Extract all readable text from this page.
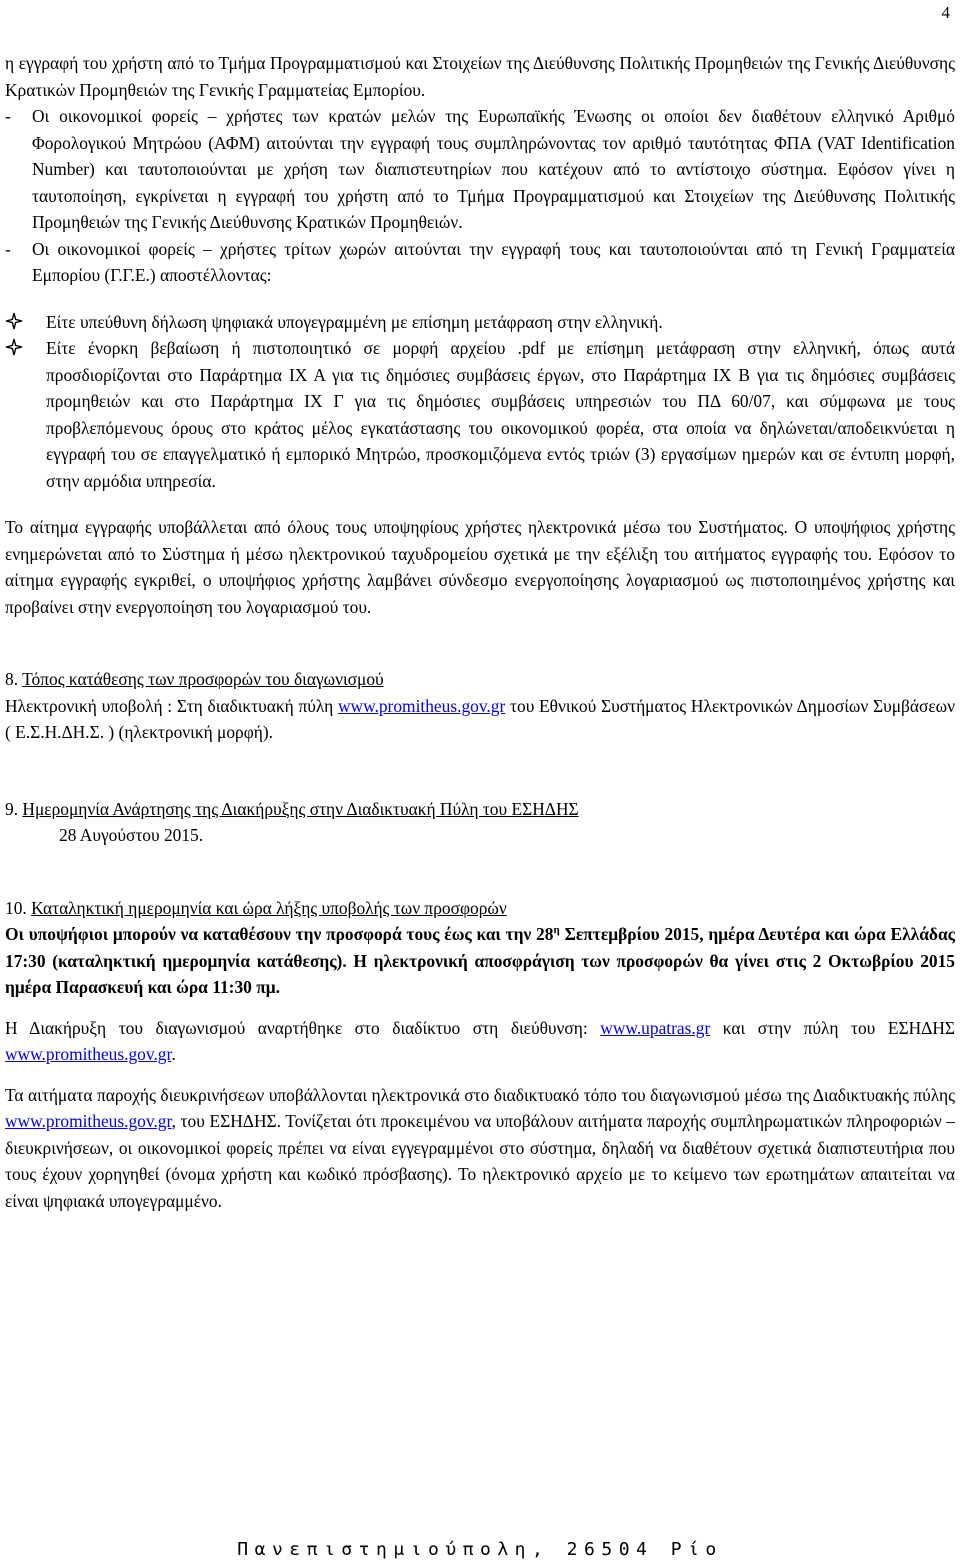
4

η εγγραφή του χρήστη από το Τμήμα Προγραμματισμού και Στοιχείων της Διεύθυνσης Πολιτικής Προμηθειών της Γενικής Διεύθυνσης Κρατικών Προμηθειών της Γενικής Γραμματείας Εμπορίου.

-	Οι οικονομικοί φορείς – χρήστες των κρατών μελών της Ευρωπαϊκής Ένωσης οι οποίοι δεν διαθέτουν ελληνικό Αριθμό Φορολογικού Μητρώου (ΑΦΜ) αιτούνται την εγγραφή τους συμπληρώνοντας τον αριθμό ταυτότητας ΦΠΑ (VAT Identification Number) και ταυτοποιούνται με χρήση των διαπιστευτηρίων που κατέχουν από το αντίστοιχο σύστημα. Εφόσον γίνει η ταυτοποίηση, εγκρίνεται η εγγραφή του χρήστη από το Τμήμα Προγραμματισμού και Στοιχείων της Διεύθυνσης Πολιτικής Προμηθειών της Γενικής Διεύθυνσης Κρατικών Προμηθειών.

-	Οι οικονομικοί φορείς – χρήστες τρίτων χωρών αιτούνται την εγγραφή τους και ταυτοποιούνται από τη Γενική Γραμματεία Εμπορίου (Γ.Γ.Ε.) αποστέλλοντας:

Είτε υπεύθυνη δήλωση ψηφιακά υπογεγραμμένη με επίσημη μετάφραση στην ελληνική.

Είτε ένορκη βεβαίωση ή πιστοποιητικό σε μορφή αρχείου .pdf με επίσημη μετάφραση στην ελληνική, όπως αυτά προσδιορίζονται στο Παράρτημα ΙΧ Α για τις δημόσιες συμβάσεις έργων, στο Παράρτημα ΙΧ Β για τις δημόσιες συμβάσεις προμηθειών και στο Παράρτημα ΙΧ Γ για τις δημόσιες συμβάσεις υπηρεσιών του ΠΔ 60/07, και σύμφωνα με τους προβλεπόμενους όρους στο κράτος μέλος εγκατάστασης του οικονομικού φορέα, στα οποία να δηλώνεται/αποδεικνύεται η εγγραφή του σε επαγγελματικό ή εμπορικό Μητρώο, προσκομιζόμενα εντός τριών (3) εργασίμων ημερών και σε έντυπη μορφή, στην αρμόδια υπηρεσία.

Το αίτημα εγγραφής υποβάλλεται από όλους τους υποψηφίους χρήστες ηλεκτρονικά μέσω του Συστήματος. Ο υποψήφιος χρήστης ενημερώνεται από το Σύστημα ή μέσω ηλεκτρονικού ταχυδρομείου σχετικά με την εξέλιξη του αιτήματος εγγραφής του. Εφόσον το αίτημα εγγραφής εγκριθεί, ο υποψήφιος χρήστης λαμβάνει σύνδεσμο ενεργοποίησης λογαριασμού ως πιστοποιημένος χρήστης και προβαίνει στην ενεργοποίηση του λογαριασμού του.

8. Τόπος κατάθεσης των προσφορών του διαγωνισμού

Ηλεκτρονική υποβολή : Στη διαδικτυακή πύλη www.promitheus.gov.gr του Εθνικού Συστήματος Ηλεκτρονικών Δημοσίων Συμβάσεων ( Ε.Σ.Η.ΔΗ.Σ. ) (ηλεκτρονική μορφή).

9. Ημερομηνία Ανάρτησης της Διακήρυξης στην Διαδικτυακή Πύλη του ΕΣΗΔΗΣ

28 Αυγούστου 2015.

10. Καταληκτική ημερομηνία και ώρα λήξης υποβολής των προσφορών

Οι υποψήφιοι μπορούν να καταθέσουν την προσφορά τους έως και την $28^\eta$ Σεπτεμβρίου 2015, ημέρα Δευτέρα και ώρα Ελλάδας 17:30 (καταληκτική ημερομηνία κατάθεσης). Η ηλεκτρονική αποσφράγιση των προσφορών θα γίνει στις 2 Οκτωβρίου 2015 ημέρα Παρασκευή και ώρα 11:30 πμ.

Η Διακήρυξη του διαγωνισμού αναρτήθηκε στο διαδίκτυο στη διεύθυνση: www.upatras.gr και στην πύλη του ΕΣΗΔΗΣ www.promitheus.gov.gr.

Τα αιτήματα παροχής διευκρινήσεων υποβάλλονται ηλεκτρονικά στο διαδικτυακό τόπο του διαγωνισμού μέσω της Διαδικτυακής πύλης www.promitheus.gov.gr, του ΕΣΗΔΗΣ. Τονίζεται ότι προκειμένου να υποβάλουν αιτήματα παροχής συμπληρωματικών πληροφοριών – διευκρινήσεων, οι οικονομικοί φορείς πρέπει να είναι εγγεγραμμένοι στο σύστημα, δηλαδή να διαθέτουν σχετικά διαπιστευτήρια που τους έχουν χορηγηθεί (όνομα χρήστη και κωδικό πρόσβασης). Το ηλεκτρονικό αρχείο με το κείμενο των ερωτημάτων απαιτείται να είναι ψηφιακά υπογεγραμμένο.

Πανεπιστημιούπολη, 26504 Ρίο
